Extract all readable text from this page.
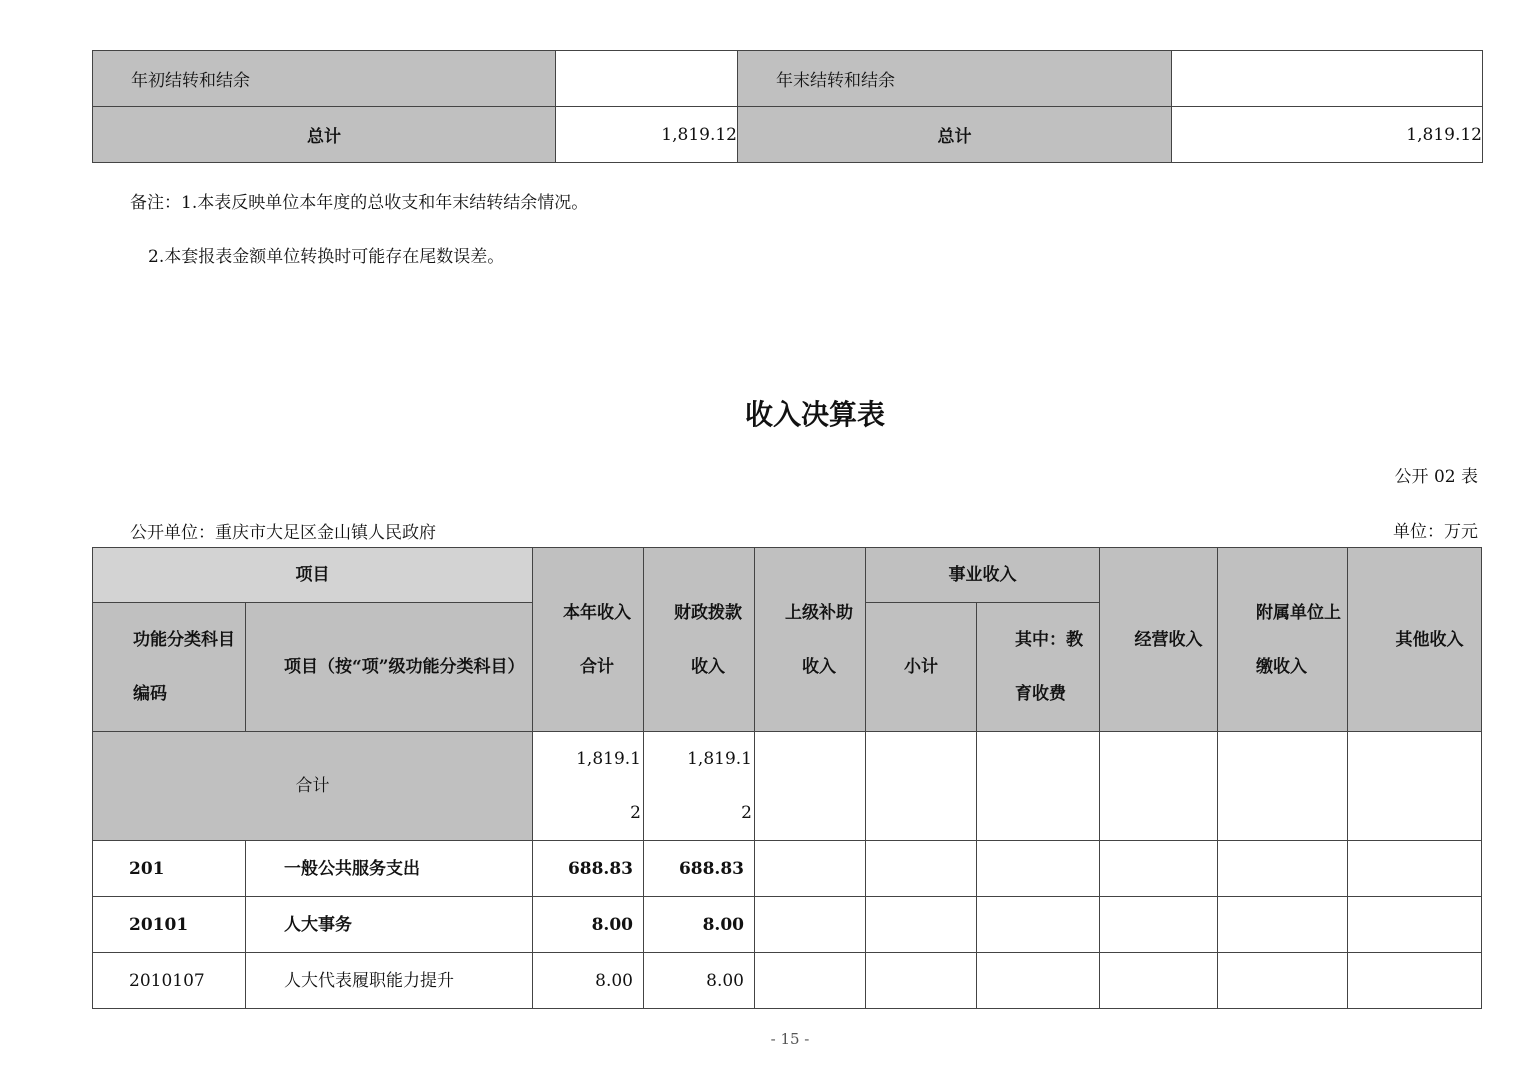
年初结转和结余		年末结转和结余	
总计	1,819.12	总计	1,819.12
备注：1.本表反映单位本年度的总收支和年末结转结余情况。
2.本套报表金额单位转换时可能存在尾数误差。
收入决算表
公开 02 表
公开单位：重庆市大足区金山镇人民政府	单位：万元
项目		本年收入合计	财政拨款收入	上级补助收入	事业收入		经营收入	附属单位上缴收入	其他收入
功能分类科目编码	项目（按“项”级功能分类科目）				小计	其中：教育收费			
合计		1,819.12	1,819.12						
201	一般公共服务支出	688.83	688.83						
20101	人大事务	8.00	8.00						
2010107	人大代表履职能力提升	8.00	8.00						
- 15 -
